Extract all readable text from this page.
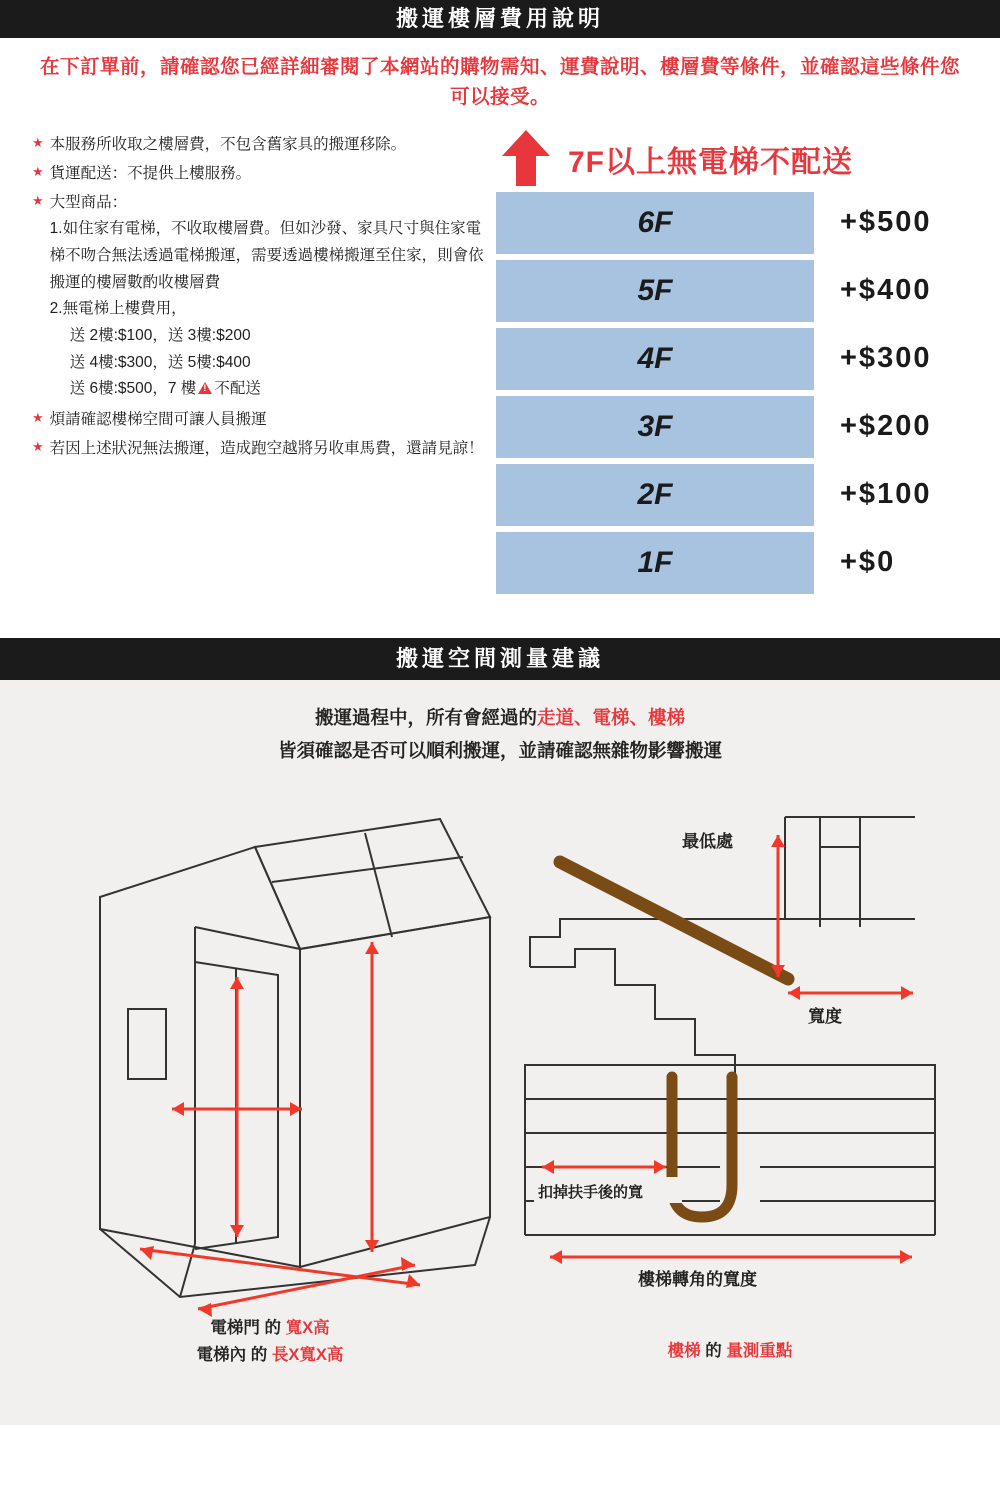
搬運樓層費用說明
在下訂單前，請確認您已經詳細審閱了本網站的購物需知、運費說明、樓層費等條件，並確認這些條件您可以接受。
★ 本服務所收取之樓層費，不包含舊家具的搬運移除。
★ 貨運配送：不提供上樓服務。
★ 大型商品：
1.如住家有電梯，不收取樓層費。但如沙發、家具尺寸與住家電梯不吻合無法透過電梯搬運，需要透過樓梯搬運至住家，則會依搬運的樓層數酌收樓層費
2.無電梯上樓費用，
送 2樓:$100，送 3樓:$200
送 4樓:$300，送 5樓:$400
送 6樓:$500，7 樓 ! 不配送
★ 煩請確認樓梯空間可讓人員搬運
★ 若因上述狀況無法搬運，造成跑空越將另收車馬費，還請見諒！
7F以上無電梯不配送
6F	+$500
5F	+$400
4F	+$300
3F	+$200
2F	+$100
1F	+$0
搬運空間測量建議
搬運過程中，所有會經過的走道、電梯、樓梯
皆須確認是否可以順利搬運，並請確認無雜物影響搬運
電梯門 的 寬X高
電梯內 的 長X寬X高
最低處
寬度
扣掉扶手後的寬
樓梯轉角的寬度
樓梯 的 量測重點
